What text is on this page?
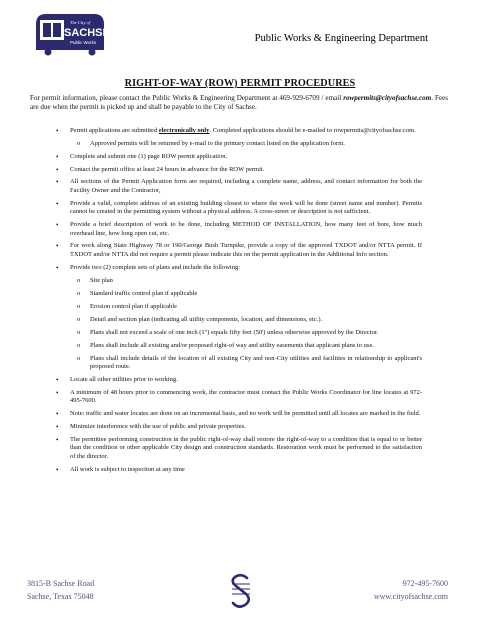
The City of
SACHSE
Public Works	Public Works & Engineering Department
RIGHT-OF-WAY (ROW) PERMIT PROCEDURES
For permit information, please contact the Public Works & Engineering Department at 469-929-6709 / email rowpermits@cityofsachse.com. Fees are due when the permit is picked up and shall be payable to the City of Sachse.
• Permit applications are submitted electronically only. Completed applications should be e-mailed to rowpermits@cityofsachse.com.
o Approved permits will be returned by e-mail to the primary contact listed on the application form.
• Complete and submit one (1) page ROW permit application.
• Contact the permit office at least 24 hours in advance for the ROW permit.
• All sections of the Permit Application form are required, including a complete name, address, and contact information for both the Facility Owner and the Contractor,
• Provide a valid, complete address of an existing building closest to where the work will be done (street name and number). Permits cannot be created in the permitting system without a physical address. A cross-street or description is not sufficient.
• Provide a brief description of work to be done, including METHOD OF INSTALLATION, how many feet of bore, how much overhead line, how long open cut, etc.
• For work along State Highway 78 or 190/George Bush Turnpike, provide a copy of the approved TXDOT and/or NTTA permit. If TXDOT and/or NTTA did not require a permit please indicate this on the permit application in the Additional Info section.
• Provide two (2) complete sets of plans and include the following:
o Site plan
o Standard traffic control plan if applicable
o Erosion control plan if applicable
o Detail and section plan (indicating all utility components, location, and dimensions, etc.).
o Plans shall not exceed a scale of one inch (1") equals fifty feet (50') unless otherwise approved by the Director.
o Plans shall include all existing and/or proposed right-of way and utility easements that applicant plans to use.
o Plans shall include details of the location of all existing City and non-City utilities and facilities in relationship to applicant's proposed route.
• Locate all other utilities prior to working.
• A minimum of 48 hours prior to commencing work, the contractor must contact the Public Works Coordinator for line locates at 972-495-7600.
• Note: traffic and water locates are done on an incremental basis, and no work will be permitted until all locates are marked in the field.
• Minimize interference with the use of public and private properties.
• The permittee performing construction in the public right-of-way shall restore the right-of-way to a condition that is equal to or better than the condition or other applicable City design and construction standards. Restoration work must be performed to the satisfaction of the director.
• All work is subject to inspection at any time
3815-B Sachse Road
Sachse, Texas 75048
972-495-7600
www.cityofsachse.com
